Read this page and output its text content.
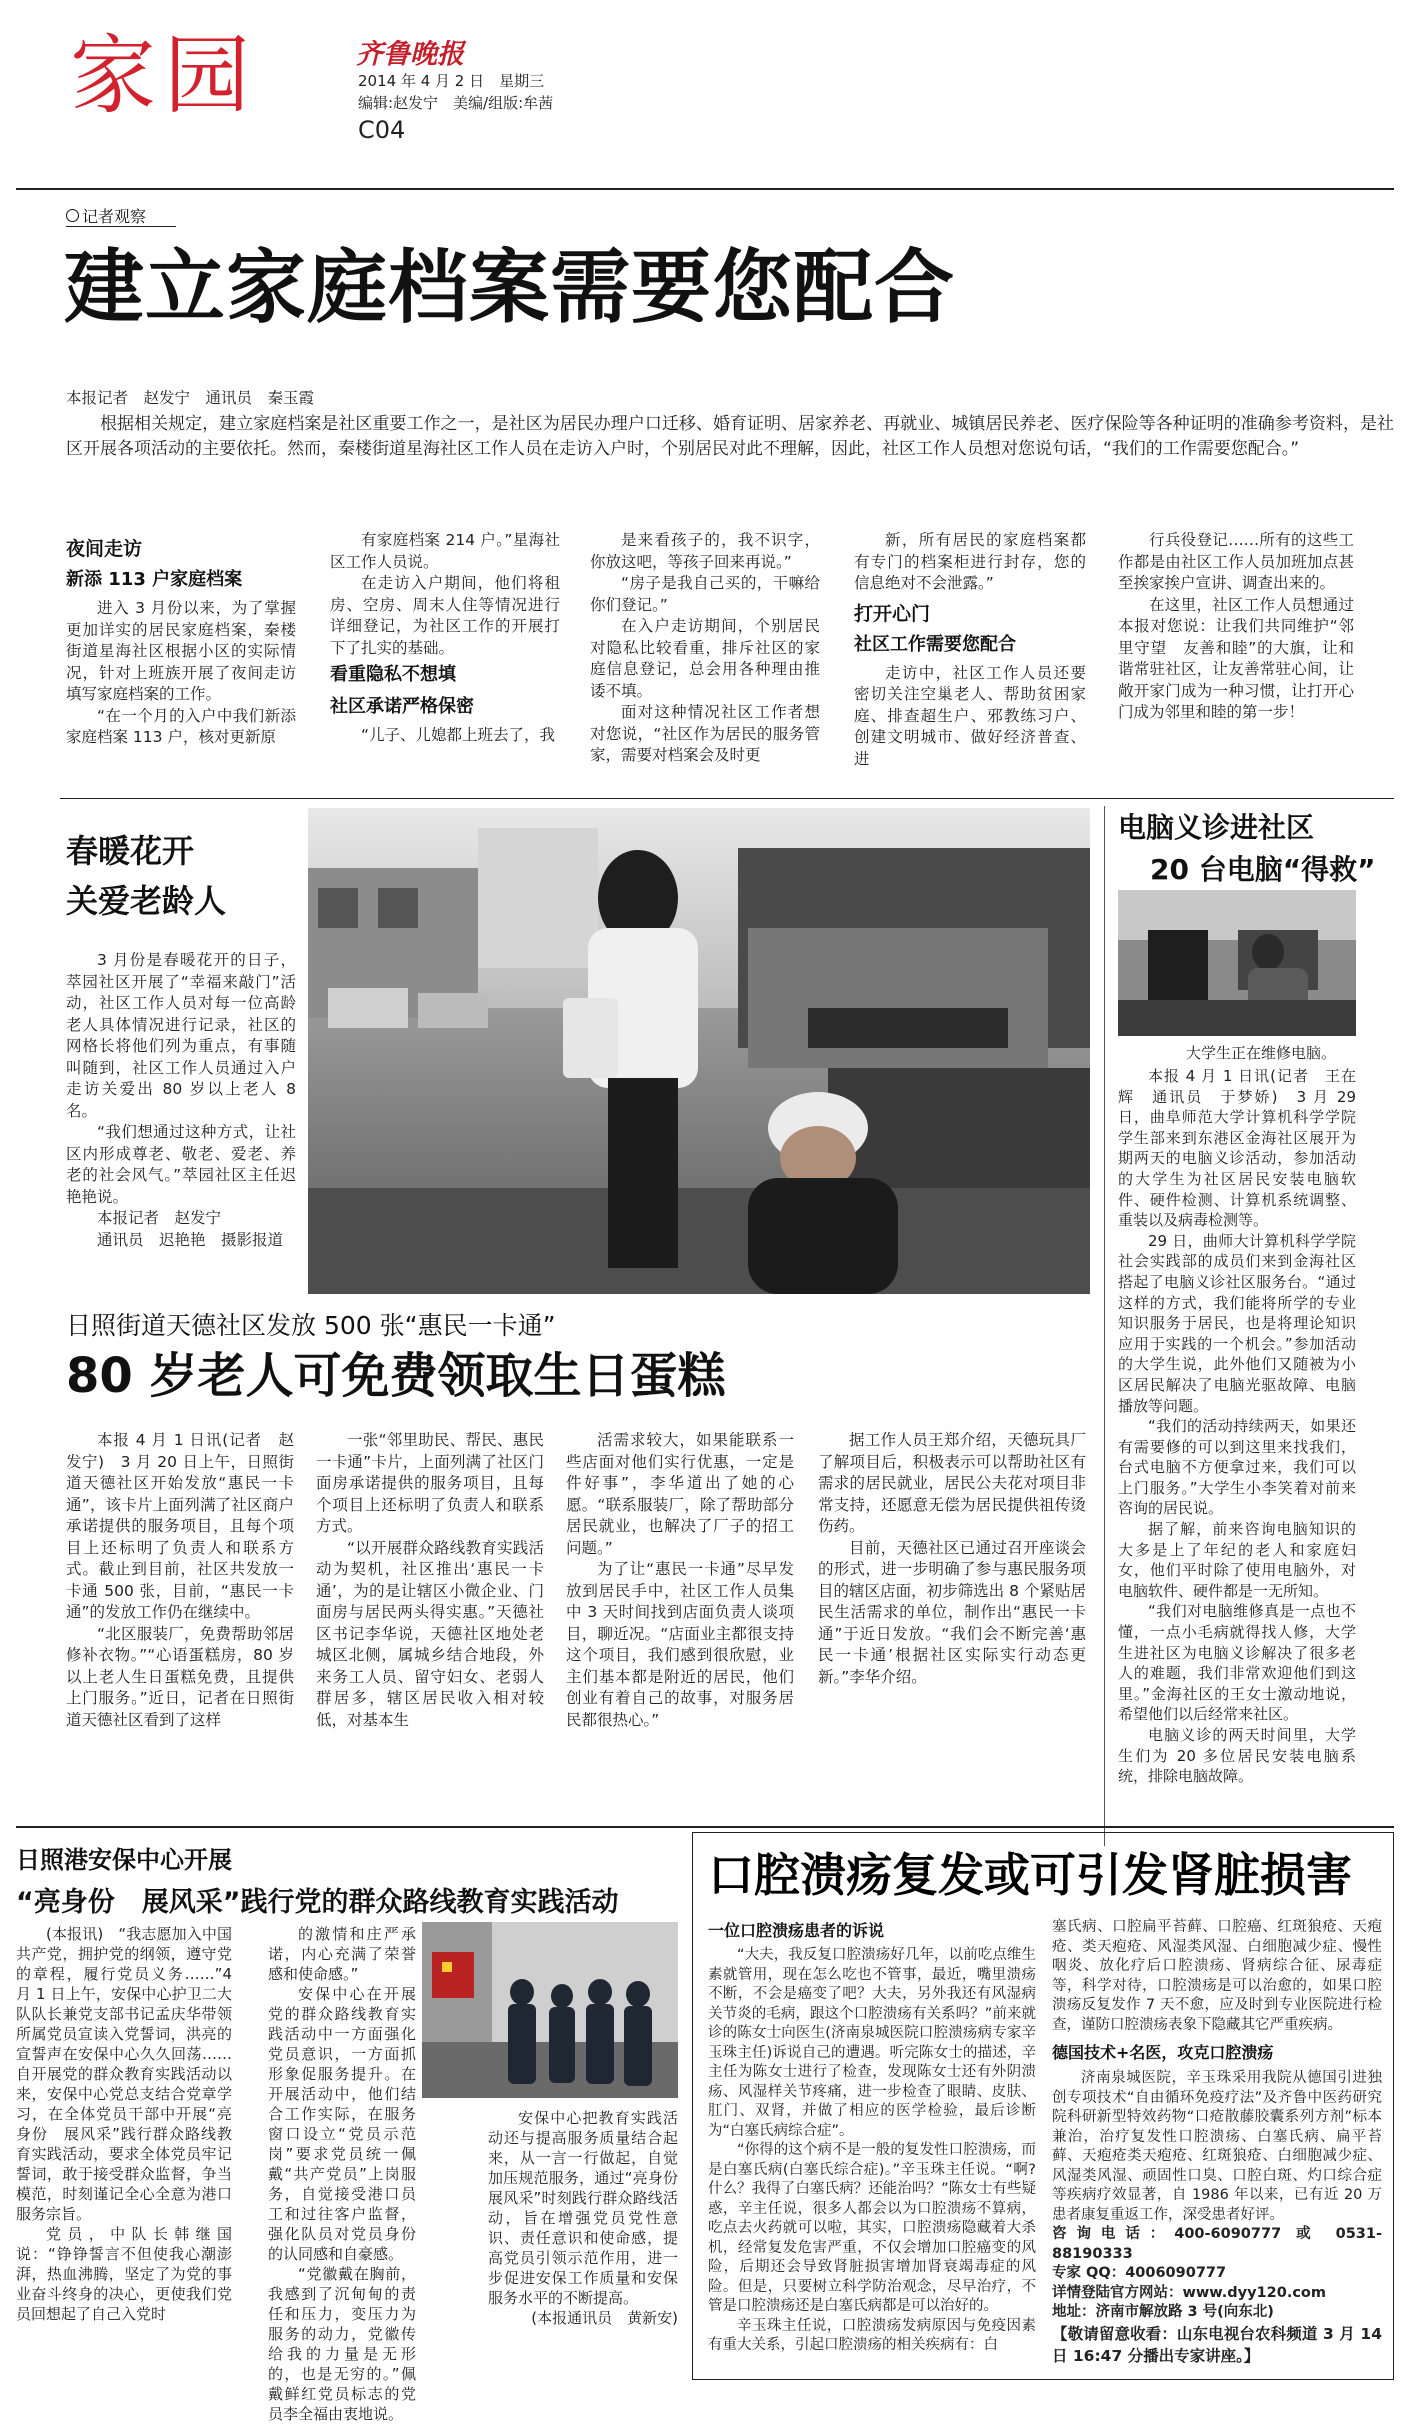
家园	齐鲁晚报
2014 年 4 月 2 日　 星期三
编辑:赵发宁　美编/组版:牟茜
C04
记者观察
建立家庭档案需要您配合
本报记者　赵发宁　通讯员　秦玉霞

根据相关规定，建立家庭档案是社区重要工作之一，是社区为居民办理户口迁移、婚育证明、居家养老、再就业、城镇居民养老、医疗保险等各种证明的准确参考资料，是社区开展各项活动的主要依托。然而，秦楼街道星海社区工作人员在走访入户时，个别居民对此不理解，因此，社区工作人员想对您说句话，“我们的工作需要您配合。”

夜间走访

新添 113 户家庭档案

进入 3 月份以来，为了掌握更加详实的居民家庭档案，秦楼街道星海社区根据小区的实际情况，针对上班族开展了夜间走访填写家庭档案的工作。

“在一个月的入户中我们新添家庭档案 113 户，核对更新原

有家庭档案 214 户。”星海社区工作人员说。

在走访入户期间，他们将租房、空房、周末人住等情况进行详细登记，为社区工作的开展打下了扎实的基础。

看重隐私不想填

社区承诺严格保密

“儿子、儿媳都上班去了，我

是来看孩子的，我不识字，你放这吧，等孩子回来再说。”

“房子是我自己买的，干嘛给你们登记。”

在入户走访期间，个别居民对隐私比较看重，排斥社区的家庭信息登记，总会用各种理由推诿不填。

面对这种情况社区工作者想对您说，“社区作为居民的服务管家，需要对档案会及时更

新，所有居民的家庭档案都有专门的档案柜进行封存，您的信息绝对不会泄露。”

打开心门

社区工作需要您配合

走访中，社区工作人员还要密切关注空巢老人、帮助贫困家庭、排查超生户、邪教练习户、创建文明城市、做好经济普查、进

行兵役登记……所有的这些工作都是由社区工作人员加班加点甚至挨家挨户宣讲、调查出来的。

在这里，社区工作人员想通过本报对您说：让我们共同维护“邻里守望　友善和睦”的大旗，让和谐常驻社区，让友善常驻心间，让敞开家门成为一种习惯，让打开心门成为邻里和睦的第一步！

春暖花开
关爱老龄人

3 月份是春暖花开的日子，萃园社区开展了“幸福来敲门”活动，社区工作人员对每一位高龄老人具体情况进行记录，社区的网格长将他们列为重点，有事随叫随到，社区工作人员通过入户走访关爱出 80 岁以上老人 8 名。

“我们想通过这种方式，让社区内形成尊老、敬老、爱老、养老的社会风气。”萃园社区主任迟艳艳说。

本报记者　赵发宁

通讯员　迟艳艳　摄影报道

电脑义诊进社区
20 台电脑“得救”
大学生正在维修电脑。

本报 4 月 1 日讯(记者　王在辉　通讯员　于梦娇)　3 月 29 日，曲阜师范大学计算机科学学院学生部来到东港区金海社区展开为期两天的电脑义诊活动，参加活动的大学生为社区居民安装电脑软件、硬件检测、计算机系统调整、重装以及病毒检测等。

29 日，曲师大计算机科学学院社会实践部的成员们来到金海社区搭起了电脑义诊社区服务台。“通过这样的方式，我们能将所学的专业知识服务于居民，也是将理论知识应用于实践的一个机会。”参加活动的大学生说，此外他们又随被为小区居民解决了电脑光驱故障、电脑播放等问题。

“我们的活动持续两天，如果还有需要修的可以到这里来找我们，台式电脑不方便拿过来，我们可以上门服务。”大学生小李笑着对前来咨询的居民说。

据了解，前来咨询电脑知识的大多是上了年纪的老人和家庭妇女，他们平时除了使用电脑外，对电脑软件、硬件都是一无所知。

“我们对电脑维修真是一点也不懂，一点小毛病就得找人修，大学生进社区为电脑义诊解决了很多老人的难题，我们非常欢迎他们到这里。”金海社区的王女士激动地说，希望他们以后经常来社区。

电脑义诊的两天时间里，大学生们为 20 多位居民安装电脑系统，排除电脑故障。

日照街道天德社区发放 500 张“惠民一卡通”
80 岁老人可免费领取生日蛋糕

本报 4 月 1 日讯(记者　赵发宁)　3 月 20 日上午，日照街道天德社区开始发放“惠民一卡通”，该卡片上面列满了社区商户承诺提供的服务项目，且每个项目上还标明了负责人和联系方式。截止到目前，社区共发放一卡通 500 张，目前，“惠民一卡通”的发放工作仍在继续中。

“北区服装厂，免费帮助邻居修补衣物。”“心语蛋糕房，80 岁以上老人生日蛋糕免费，且提供上门服务。”近日，记者在日照街道天德社区看到了这样

一张“邻里助民、帮民、惠民一卡通”卡片，上面列满了社区门面房承诺提供的服务项目，且每个项目上还标明了负责人和联系方式。

“以开展群众路线教育实践活动为契机，社区推出‘惠民一卡通’，为的是让辖区小微企业、门面房与居民两头得实惠。”天德社区书记李华说，天德社区地处老城区北侧，属城乡结合地段，外来务工人员、留守妇女、老弱人群居多，辖区居民收入相对较低，对基本生

活需求较大，如果能联系一些店面对他们实行优惠，一定是件好事”，李华道出了她的心愿。“联系服装厂，除了帮助部分居民就业，也解决了厂子的招工问题。”

为了让“惠民一卡通”尽早发放到居民手中，社区工作人员集中 3 天时间找到店面负责人谈项目，聊近况。“店面业主都很支持这个项目，我们感到很欣慰，业主们基本都是附近的居民，他们创业有着自己的故事，对服务居民都很热心。”

据工作人员王郑介绍，天德玩具厂了解项目后，积极表示可以帮助社区有需求的居民就业，居民公夫花对项目非常支持，还愿意无偿为居民提供祖传烫伤药。

目前，天德社区已通过召开座谈会的形式，进一步明确了参与惠民服务项目的辖区店面，初步筛选出 8 个紧贴居民生活需求的单位，制作出“惠民一卡通”于近日发放。“我们会不断完善‘惠民一卡通’根据社区实际实行动态更新。”李华介绍。

日照港安保中心开展
“亮身份　展风采”践行党的群众路线教育实践活动

(本报讯)　“我志愿加入中国共产党，拥护党的纲领，遵守党的章程，履行党员义务……”4 月 1 日上午，安保中心护卫二大队队长兼党支部书记孟庆华带领所属党员宣读入党誓词，洪亮的宣誓声在安保中心久久回荡……自开展党的群众教育实践活动以来，安保中心党总支结合党章学习，在全体党员干部中开展“亮身份　展风采”践行群众路线教育实践活动，要求全体党员牢记誓词，敢于接受群众监督，争当模范，时刻谨记全心全意为港口服务宗旨。

党员，中队长韩继国说：“铮铮誓言不但使我心潮澎湃，热血沸腾，坚定了为党的事业奋斗终身的决心，更使我们党员回想起了自己入党时

的激情和庄严承诺，内心充满了荣誉感和使命感。”

安保中心在开展党的群众路线教育实践活动中一方面强化党员意识，一方面抓形象促服务提升。在开展活动中，他们结合工作实际，在服务窗口设立“党员示范岗”要求党员统一佩戴“共产党员”上岗服务，自觉接受港口员工和过往客户监督，强化队员对党员身份的认同感和自豪感。

“党徽戴在胸前，我感到了沉甸甸的责任和压力，变压力为服务的动力，党徽传给我的力量是无形的，也是无穷的。”佩戴鲜红党员标志的党员李全福由衷地说。

安保中心把教育实践活动还与提高服务质量结合起来，从一言一行做起，自觉加压规范服务，通过“亮身份展风采”时刻践行群众路线活动，旨在增强党员党性意识、责任意识和使命感，提高党员引领示范作用，进一步促进安保工作质量和安保服务水平的不断提高。

(本报通讯员　黄新安)

口腔溃疡复发或可引发肾脏损害

一位口腔溃疡患者的诉说

“大夫，我反复口腔溃疡好几年，以前吃点维生素就管用，现在怎么吃也不管事，最近，嘴里溃疡不断，不会是癌变了吧？大夫，另外我还有风湿病关节炎的毛病，跟这个口腔溃疡有关系吗？”前来就诊的陈女士向医生(济南泉城医院口腔溃疡病专家辛玉珠主任)诉说自己的遭遇。听完陈女士的描述，辛主任为陈女士进行了检查，发现陈女士还有外阴溃疡、风湿样关节疼痛，进一步检查了眼睛、皮肤、肛门、双肾，并做了相应的医学检验，最后诊断为“白塞氏病综合症”。

“你得的这个病不是一般的复发性口腔溃疡，而是白塞氏病(白塞氏综合症)。”辛玉珠主任说。“啊?什么？我得了白塞氏病？还能治吗？”陈女士有些疑惑，辛主任说，很多人都会以为口腔溃疡不算病，吃点去火药就可以啦，其实，口腔溃疡隐藏着大杀机，经常复发危害严重，不仅会增加口腔癌变的风险，后期还会导致肾脏损害增加肾衰竭毒症的风险。但是，只要树立科学防治观念，尽早治疗，不管是口腔溃疡还是白塞氏病都是可以治好的。

辛玉珠主任说，口腔溃疡发病原因与免疫因素有重大关系，引起口腔溃疡的相关疾病有：白

塞氏病、口腔扁平苔藓、口腔癌、红斑狼疮、天疱疮、类天疱疮、风湿类风湿、白细胞减少症、慢性咽炎、放化疗后口腔溃疡、肾病综合征、尿毒症等，科学对待，口腔溃疡是可以治愈的，如果口腔溃疡反复发作 7 天不愈，应及时到专业医院进行检查，谨防口腔溃疡表象下隐藏其它严重疾病。

德国技术+名医，攻克口腔溃疡

济南泉城医院，辛玉珠采用我院从德国引进独创专项技术“自由循环免疫疗法”及齐鲁中医药研究院科研新型特效药物“口疮散藤胶囊系列方剂”标本兼治，治疗复发性口腔溃疡、白塞氏病、扁平苔藓、天疱疮类天疱疮、红斑狼疮、白细胞减少症、风湿类风湿、顽固性口臭、口腔白斑、灼口综合症等疾病疗效显著，自 1986 年以来，已有近 20 万患者康复重返工作，深受患者好评。

咨询电话：400-6090777 或 0531-88190333

专家 QQ：4006090777

详情登陆官方网站：www.dyy120.com

地址：济南市解放路 3 号(向东北)

【敬请留意收看：山东电视台农科频道 3 月 14 日 16:47 分播出专家讲座。】
